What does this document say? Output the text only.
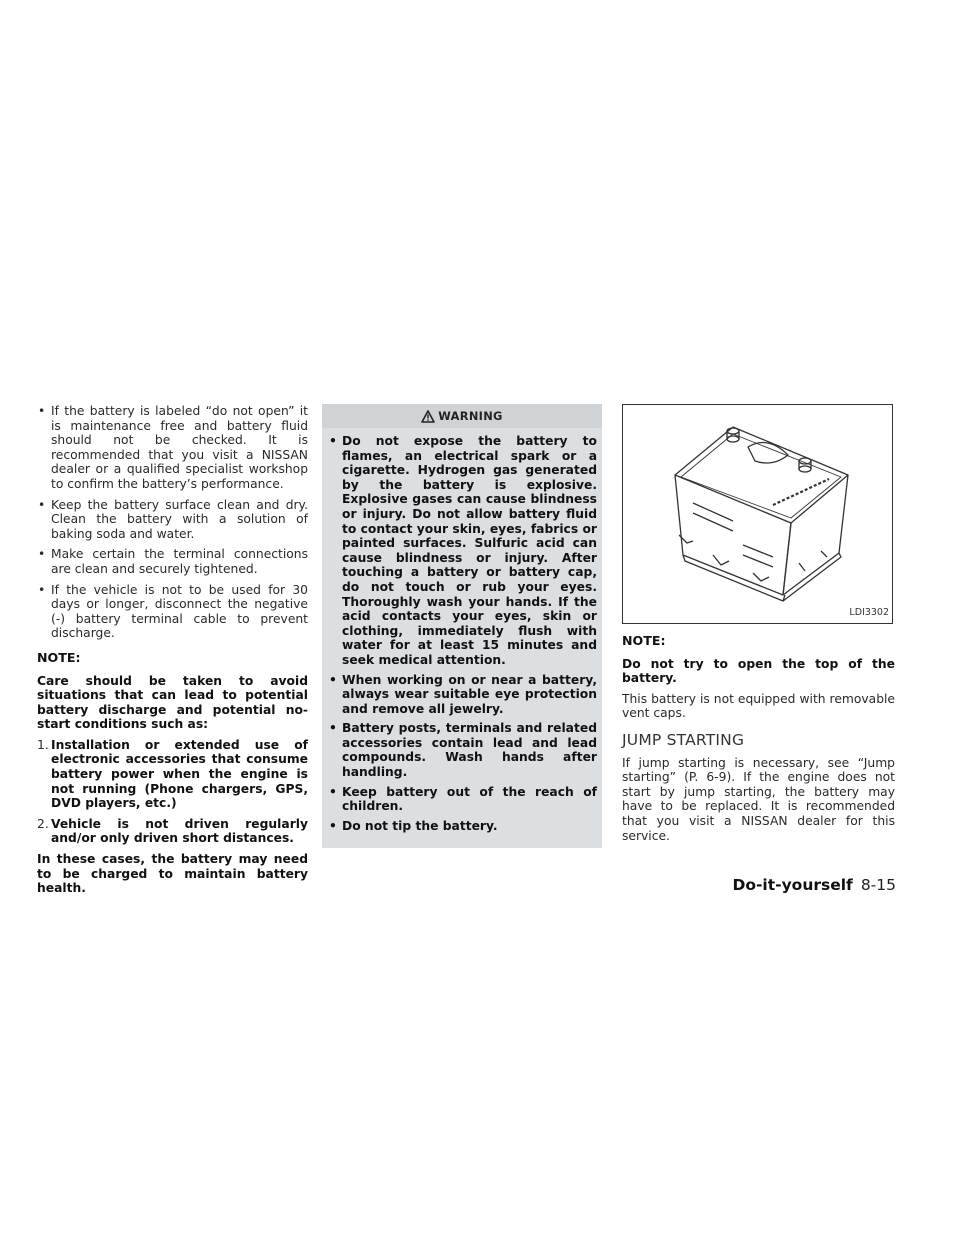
• If the battery is labeled “do not open” it is maintenance free and battery fluid should not be checked. It is recommended that you visit a NISSAN dealer or a qualified specialist workshop to confirm the battery’s performance.
• Keep the battery surface clean and dry. Clean the battery with a solution of baking soda and water.
• Make certain the terminal connections are clean and securely tightened.
• If the vehicle is not to be used for 30 days or longer, disconnect the negative (-) battery terminal cable to prevent discharge.
NOTE:

Care should be taken to avoid situations that can lead to potential battery discharge and potential no-start conditions such as:

1. Installation or extended use of electronic accessories that consume battery power when the engine is not running (Phone chargers, GPS, DVD players, etc.)
2. Vehicle is not driven regularly and/or only driven short distances.

In these cases, the battery may need to be charged to maintain battery health.

WARNING
• Do not expose the battery to flames, an electrical spark or a cigarette. Hydrogen gas generated by the battery is explosive. Explosive gases can cause blindness or injury. Do not allow battery fluid to contact your skin, eyes, fabrics or painted surfaces. Sulfuric acid can cause blindness or injury. After touching a battery or battery cap, do not touch or rub your eyes. Thoroughly wash your hands. If the acid contacts your eyes, skin or clothing, immediately flush with water for at least 15 minutes and seek medical attention.
• When working on or near a battery, always wear suitable eye protection and remove all jewelry.
• Battery posts, terminals and related accessories contain lead and lead compounds. Wash hands after handling.
• Keep battery out of the reach of children.
• Do not tip the battery.
LDI3302
NOTE:

Do not try to open the top of the battery.

This battery is not equipped with removable vent caps.

JUMP STARTING

If jump starting is necessary, see “Jump starting” (P. 6-9). If the engine does not start by jump starting, the battery may have to be replaced. It is recommended that you visit a NISSAN dealer for this service.

Do-it-yourself 8-15
